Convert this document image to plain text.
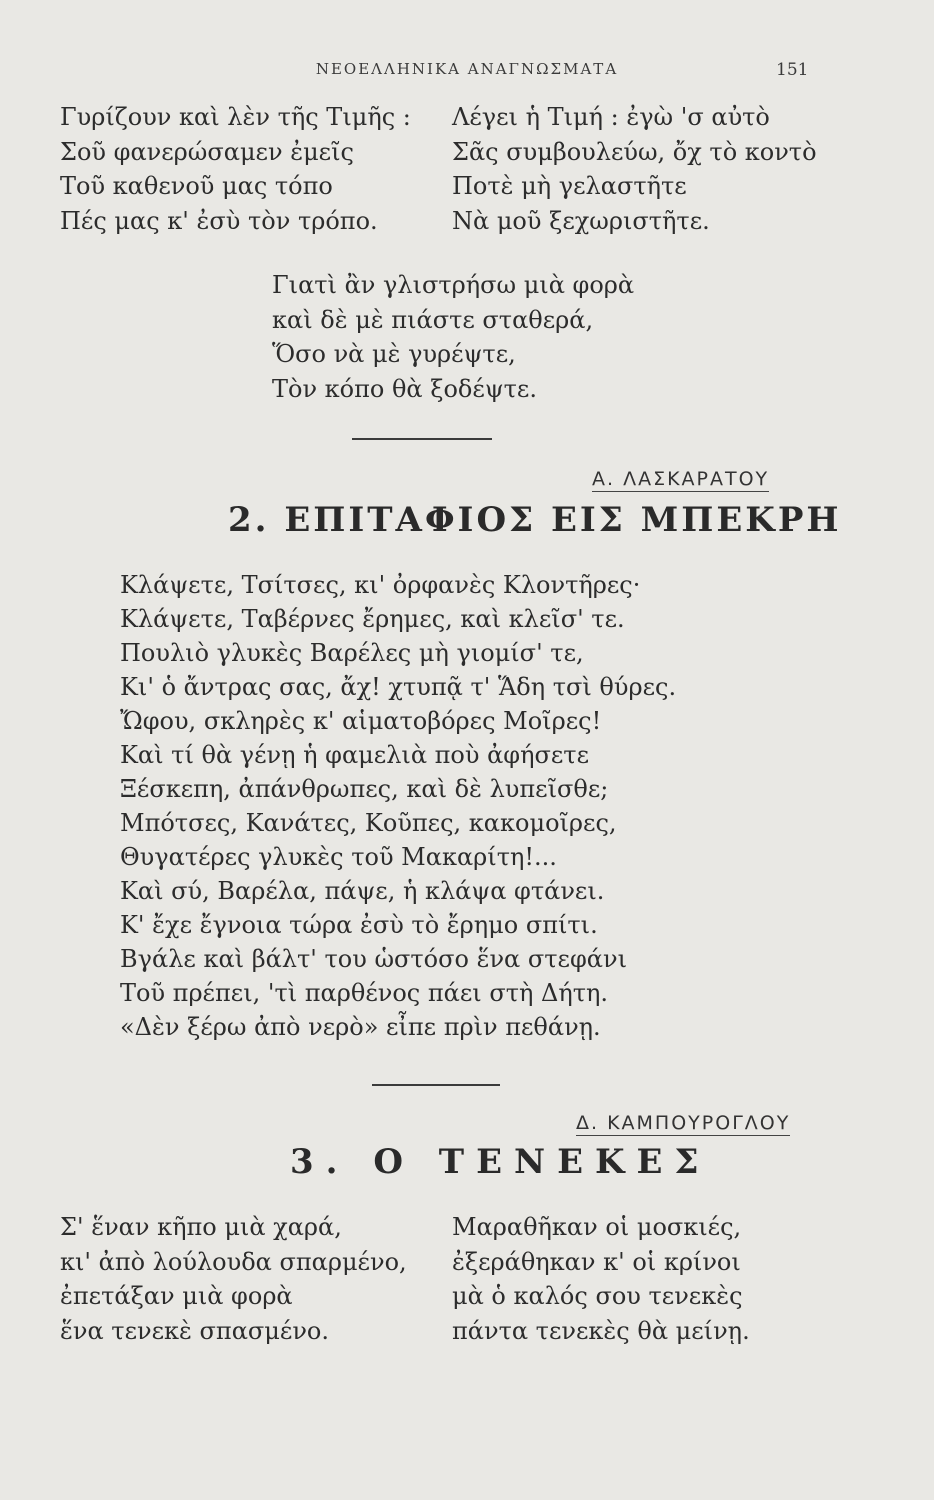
ΝΕΟΕΛΛΗΝΙΚΑ ΑΝΑΓΝΩΣΜΑΤΑ	151
Γυρίζουν καὶ λὲν τῆς Τιμῆς :
Σοῦ φανερώσαμεν ἐμεῖς
Τοῦ καθενοῦ μας τόπο
Πές μας κ' ἐσὺ τὸν τρόπο.
Λέγει ἡ Τιμή : ἐγὼ 'σ αὐτὸ
Σᾶς συμβουλεύω, ὄχ τὸ κοντὸ
Ποτὲ μὴ γελαστῆτε
Νὰ μοῦ ξεχωριστῆτε.
Γιατὶ ἂν γλιστρήσω μιὰ φορὰ
καὶ δὲ μὲ πιάστε σταθερά,
Ὅσο νὰ μὲ γυρέψτε,
Τὸν κόπο θὰ ξοδέψτε.
Α. ΛΑΣΚΑΡΑΤΟΥ
2. ΕΠΙΤΑΦΙΟΣ ΕΙΣ ΜΠΕΚΡΗ
Κλάψετε, Τσίτσες, κι' ὀρφανὲς Κλοντῆρες·
Κλάψετε, Ταβέρνες ἔρημες, καὶ κλεῖσ' τε.
Πουλιὸ γλυκὲς Βαρέλες μὴ γιομίσ' τε,
Κι' ὁ ἄντρας σας, ἄχ! χτυπᾷ τ' Ἅδη τσὶ θύρες.
Ὤφου, σκληρὲς κ' αἱματοβόρες Μοῖρες!
Καὶ τί θὰ γένῃ ἡ φαμελιὰ ποὺ ἀφήσετε
Ξέσκεπη, ἀπάνθρωπες, καὶ δὲ λυπεῖσθε;
Μπότσες, Κανάτες, Κοῦπες, κακομοῖρες,
Θυγατέρες γλυκὲς τοῦ Μακαρίτη!...
Καὶ σύ, Βαρέλα, πάψε, ἡ κλάψα φτάνει.
Κ' ἔχε ἔγνοια τώρα ἐσὺ τὸ ἔρημο σπίτι.
Βγάλε καὶ βάλτ' του ὡστόσο ἕνα στεφάνι
Τοῦ πρέπει, 'τὶ παρθένος πάει στὴ Δήτη.
«Δὲν ξέρω ἀπὸ νερὸ» εἶπε πρὶν πεθάνῃ.
Δ. ΚΑΜΠΟΥΡΟΓΛΟΥ
3. Ο ΤΕΝΕΚΕΣ
Σ' ἕναν κῆπο μιὰ χαρά,
κι' ἀπὸ λούλουδα σπαρμένο,
ἐπετάξαν μιὰ φορὰ
ἕνα τενεκὲ σπασμένο.
Μαραθῆκαν οἱ μοσκιές,
ἐξεράθηκαν κ' οἱ κρίνοι
μὰ ὁ καλός σου τενεκὲς
πάντα τενεκὲς θὰ μείνῃ.
